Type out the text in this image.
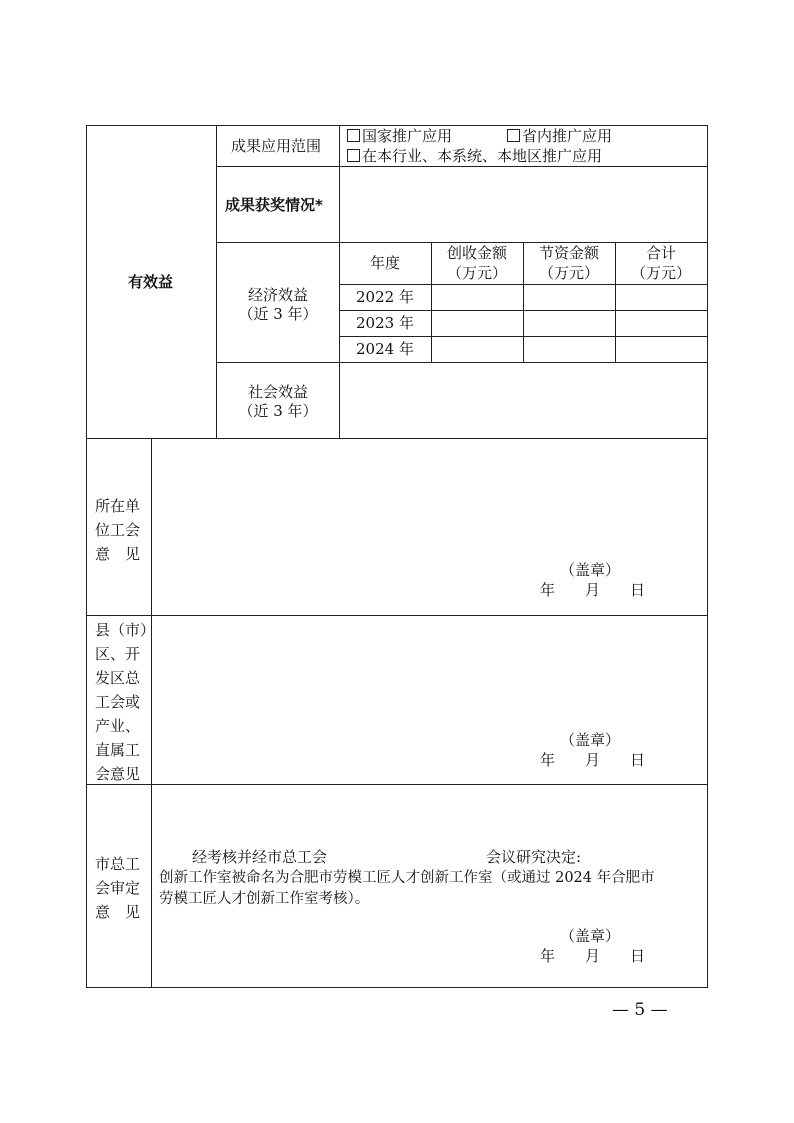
有效益
成果应用范围
国家推广应用	省内推广应用
在本行业、本系统、本地区推广应用
成果获奖情况*
经济效益
（近 3 年）
年度
创收金额
（万元）
节资金额
（万元）
合计
（万元）
2022 年
2023 年
2024 年
社会效益
（近 3 年）
所在单
位工会
意　见
（盖章）
年　　月　　日
县（市）
区、开
发区总
工会或
产业、
直属工
会意见
（盖章）
年　　月　　日
市总工
会审定
意　见
经考核并经市总工会	会议研究决定:
创新工作室被命名为合肥市劳模工匠人才创新工作室（或通过 2024 年合肥市
劳模工匠人才创新工作室考核）。
（盖章）
年　　月　　日
— 5 —
